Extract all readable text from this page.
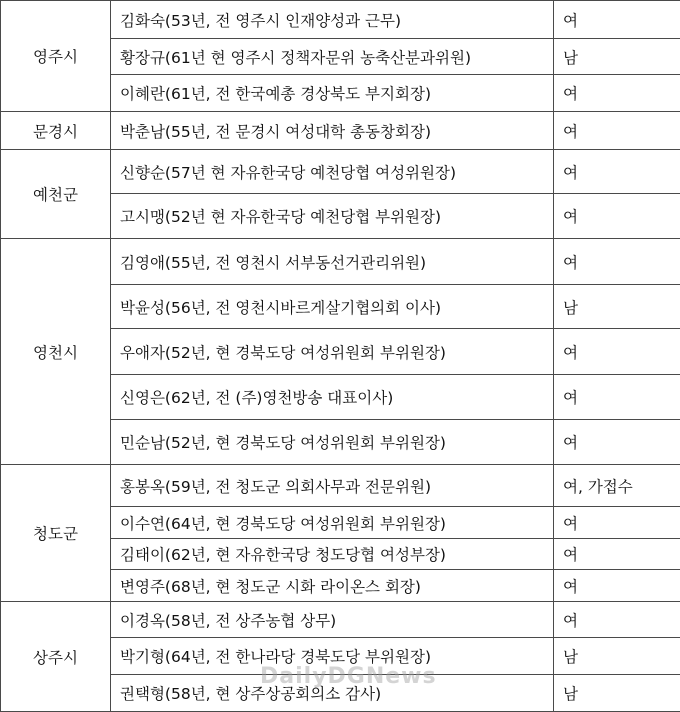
영주시	김화숙(53년, 전 영주시 인재양성과 근무)	여
	황장규(61년 현 영주시 정책자문위 농축산분과위원)	남
	이혜란(61년, 전 한국예총 경상북도 부지회장)	여
문경시	박춘남(55년, 전 문경시 여성대학 총동창회장)	여
예천군	신향순(57년 현 자유한국당 예천당협 여성위원장)	여
	고시맹(52년 현 자유한국당 예천당협 부위원장)	여
영천시	김영애(55년, 전 영천시 서부동선거관리위원)	여
	박윤성(56년, 전 영천시바르게살기협의회 이사)	남
	우애자(52년, 현 경북도당 여성위원회 부위원장)	여
	신영은(62년, 전 (주)영천방송 대표이사)	여
	민순남(52년, 현 경북도당 여성위원회 부위원장)	여
청도군	홍봉옥(59년, 전 청도군 의회사무과 전문위원)	여, 가접수
	이수연(64년, 현 경북도당 여성위원회 부위원장)	여
	김태이(62년, 현 자유한국당 청도당협 여성부장)	여
	변영주(68년, 현 청도군 시화 라이온스 회장)	여
상주시	이경옥(58년, 전 상주농협 상무)	여
	박기형(64년, 전 한나라당 경북도당 부위원장)	남
	권택형(58년, 현 상주상공회의소 감사)	남
DailyDGNews
